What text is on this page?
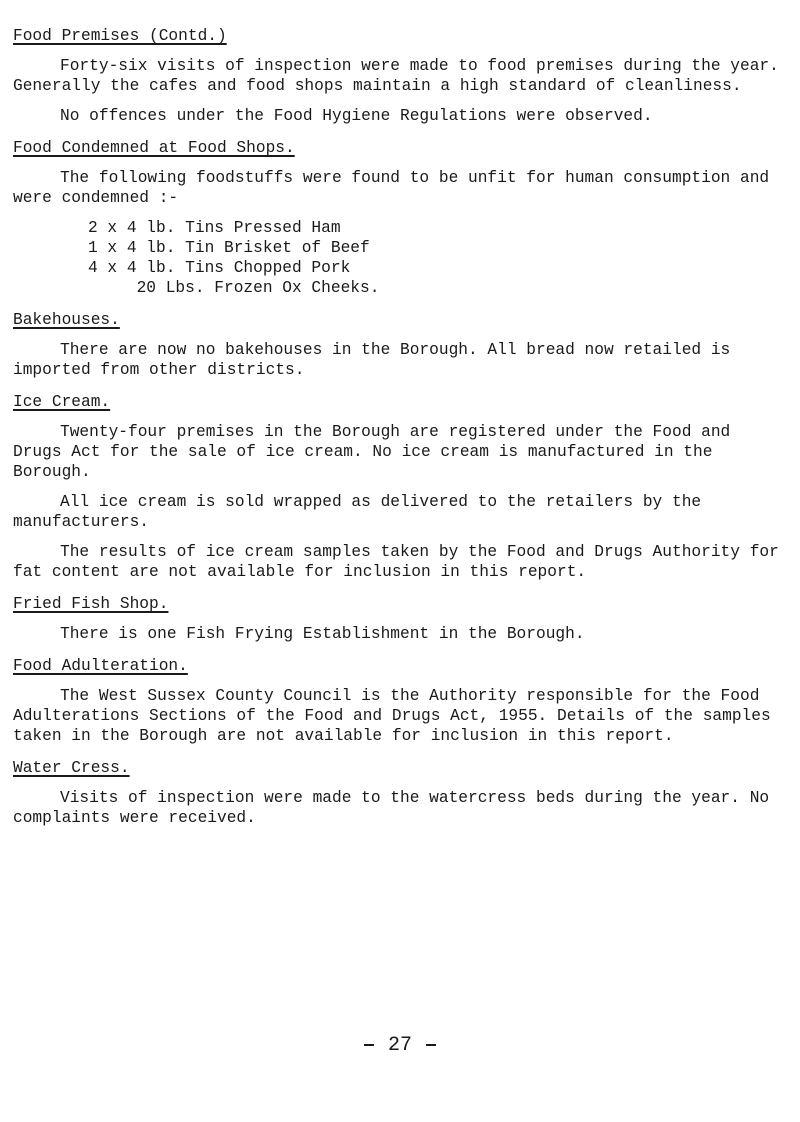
Food Premises (Contd.)

Forty-six visits of inspection were made to food premises during the year. Generally the cafes and food shops maintain a high standard of cleanliness.

No offences under the Food Hygiene Regulations were observed.

Food Condemned at Food Shops.

The following foodstuffs were found to be unfit for human consumption and were condemned :-

2 x 4 lb. Tins Pressed Ham
1 x 4 lb. Tin Brisket of Beef
4 x 4 lb. Tins Chopped Pork
20 Lbs. Frozen Ox Cheeks.

Bakehouses.

There are now no bakehouses in the Borough. All bread now retailed is imported from other districts.

Ice Cream.

Twenty-four premises in the Borough are registered under the Food and Drugs Act for the sale of ice cream. No ice cream is manufactured in the Borough.

All ice cream is sold wrapped as delivered to the retailers by the manufacturers.

The results of ice cream samples taken by the Food and Drugs Authority for fat content are not available for inclusion in this report.

Fried Fish Shop.

There is one Fish Frying Establishment in the Borough.

Food Adulteration.

The West Sussex County Council is the Authority responsible for the Food Adulterations Sections of the Food and Drugs Act, 1955. Details of the samples taken in the Borough are not available for inclusion in this report.

Water Cress.

Visits of inspection were made to the watercress beds during the year. No complaints were received.

27
